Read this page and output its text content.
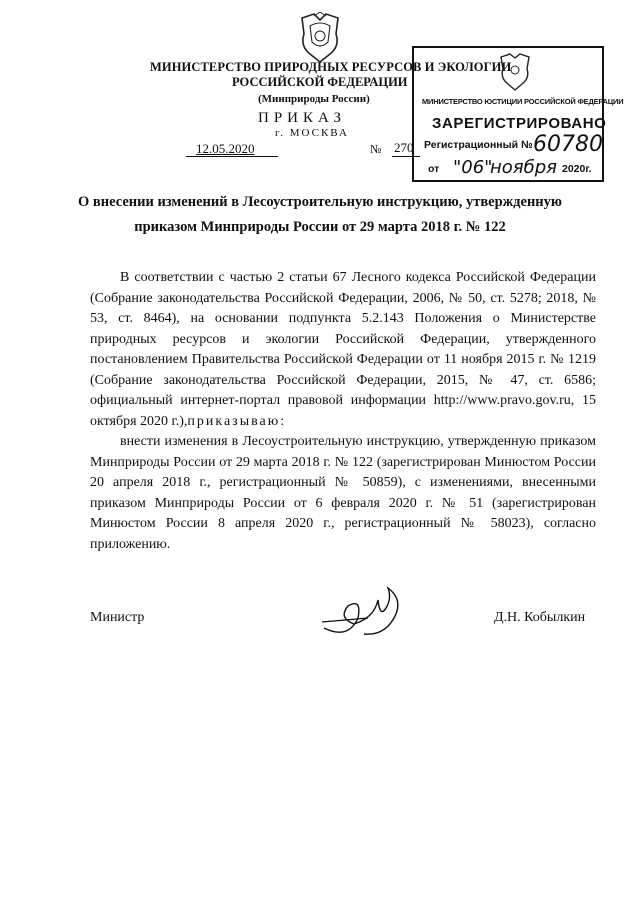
МИНИСТЕРСТВО ПРИРОДНЫХ РЕСУРСОВ И ЭКОЛОГИИ
РОССИЙСКОЙ ФЕДЕРАЦИИ
(Минприроды России)
ПРИКАЗ
г. МОСКВА
12.05.2020	№ 270
МИНИСТЕРСТВО ЮСТИЦИИ РОССИЙСКОЙ ФЕДЕРАЦИИ
ЗАРЕГИСТРИРОВАНО
Регистрационный № 60780
от "06"
ноября 2020г.
О внесении изменений в Лесоустроительную инструкцию, утвержденную приказом Минприроды России от 29 марта 2018 г. № 122
В соответствии с частью 2 статьи 67 Лесного кодекса Российской Федерации (Собрание законодательства Российской Федерации, 2006, № 50, ст. 5278; 2018, № 53, ст. 8464), на основании подпункта 5.2.143 Положения о Министерстве природных ресурсов и экологии Российской Федерации, утвержденного постановлением Правительства Российской Федерации от 11 ноября 2015 г. № 1219 (Собрание законодательства Российской Федерации, 2015, № 47, ст. 6586; официальный интернет-портал правовой информации http://www.pravo.gov.ru, 15 октября 2020 г.),приказываю:
внести изменения в Лесоустроительную инструкцию, утвержденную приказом Минприроды России от 29 марта 2018 г. № 122 (зарегистрирован Минюстом России 20 апреля 2018 г., регистрационный № 50859), с изменениями, внесенными приказом Минприроды России от 6 февраля 2020 г. № 51 (зарегистрирован Минюстом России 8 апреля 2020 г., регистрационный № 58023), согласно приложению.
Министр	Д.Н. Кобылкин
